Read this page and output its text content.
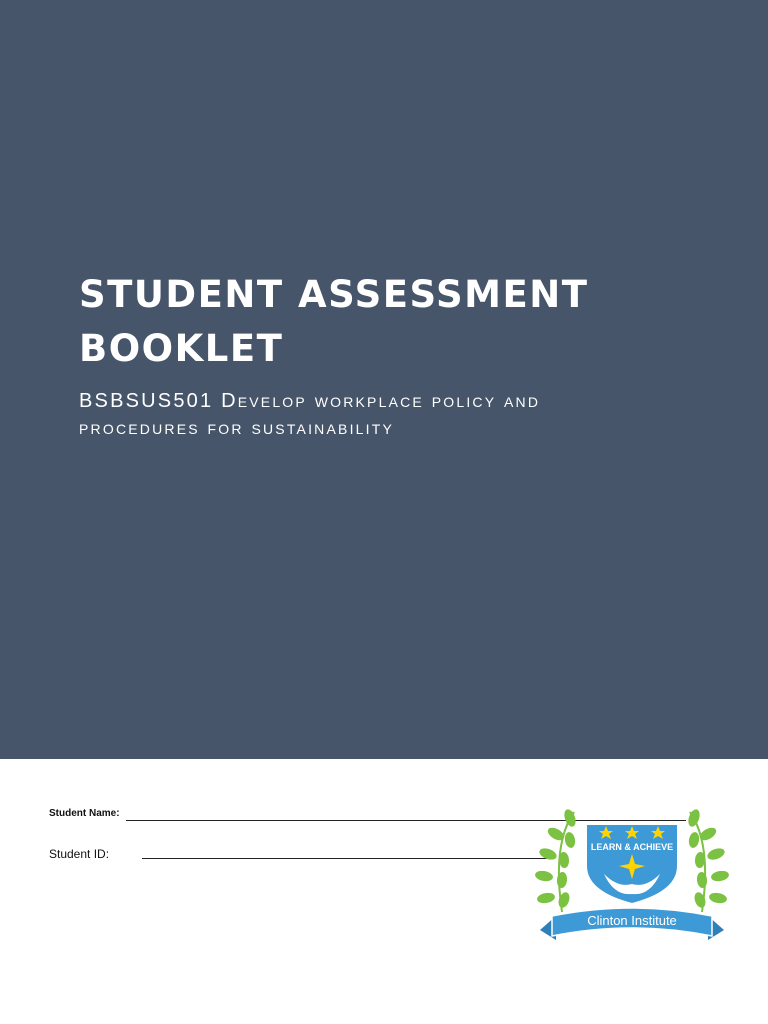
STUDENT ASSESSMENT
BOOKLET
BSBSUS501 Develop workplace policy and
procedures for sustainability
Student Name:
Student ID:	LEARN & ACHIEVE
Clinton Institute
